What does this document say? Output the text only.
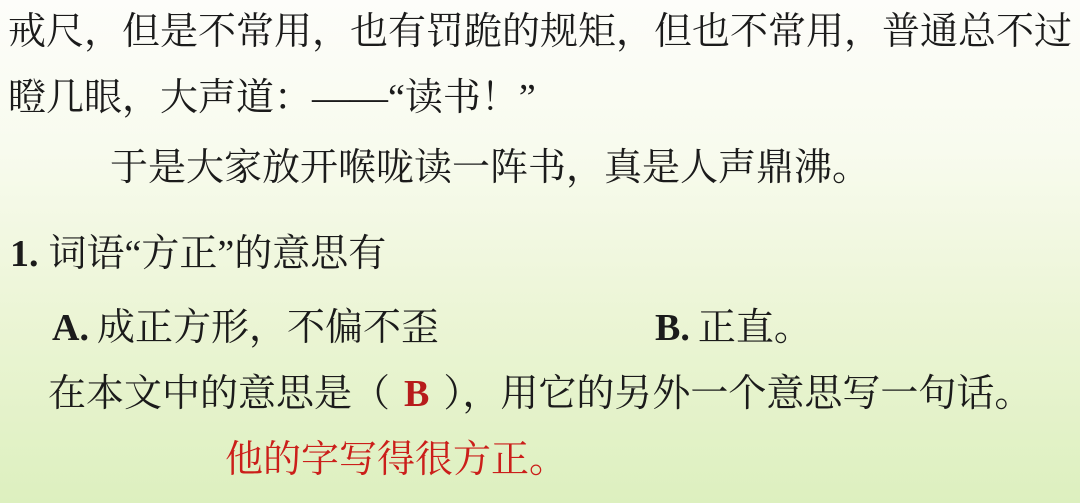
戒尺，但是不常用，也有罚跪的规矩，但也不常用，普通总不过
瞪几眼，大声道：——“读书！”
于是大家放开喉咙读一阵书，真是人声鼎沸。
1. 词语“方正”的意思有
A. 成正方形，不偏不歪	B. 正直。
在本文中的意思是（ B ），用它的另外一个意思写一句话。
他的字写得很方正。
